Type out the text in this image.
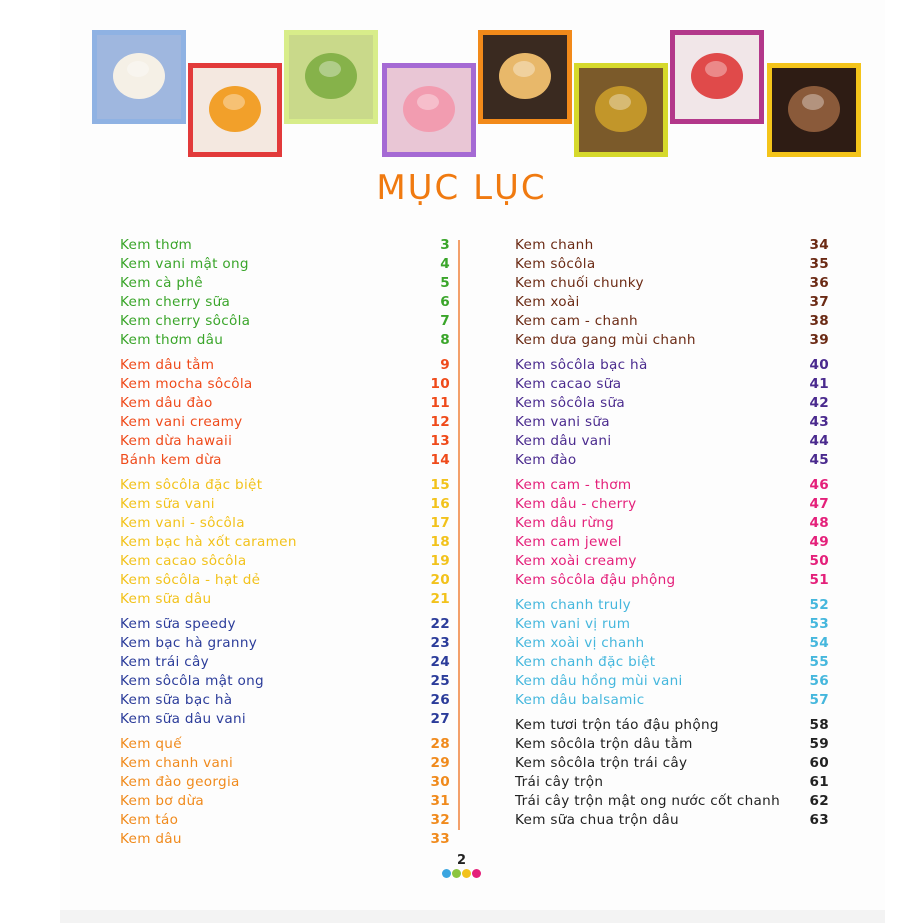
MỤC LỤC
Kem thơm	3
Kem vani mật ong	4
Kem cà phê	5
Kem cherry sữa	6
Kem cherry sôcôla	7
Kem thơm dâu	8
Kem dâu tằm	9
Kem mocha sôcôla	10
Kem dâu đào	11
Kem vani creamy	12
Kem dừa hawaii	13
Bánh kem dừa	14
Kem sôcôla đặc biệt	15
Kem sữa vani	16
Kem vani - sôcôla	17
Kem bạc hà xốt caramen	18
Kem cacao sôcôla	19
Kem sôcôla - hạt dẻ	20
Kem sữa dâu	21
Kem sữa speedy	22
Kem bạc hà granny	23
Kem trái cây	24
Kem sôcôla mật ong	25
Kem sữa bạc hà	26
Kem sữa dâu vani	27
Kem quế	28
Kem chanh vani	29
Kem đào georgia	30
Kem bơ dừa	31
Kem táo	32
Kem dâu	33
Kem chanh	34
Kem sôcôla	35
Kem chuối chunky	36
Kem xoài	37
Kem cam - chanh	38
Kem dưa gang mùi chanh	39
Kem sôcôla bạc hà	40
Kem cacao sữa	41
Kem sôcôla sữa	42
Kem vani sữa	43
Kem dâu vani	44
Kem đào	45
Kem cam - thơm	46
Kem dâu - cherry	47
Kem dâu rừng	48
Kem cam jewel	49
Kem xoài creamy	50
Kem sôcôla đậu phộng	51
Kem chanh truly	52
Kem vani vị rum	53
Kem xoài vị chanh	54
Kem chanh đặc biệt	55
Kem dâu hồng mùi vani	56
Kem dâu balsamic	57
Kem tươi trộn táo đậu phộng	58
Kem sôcôla trộn dâu tằm	59
Kem sôcôla trộn trái cây	60
Trái cây trộn	61
Trái cây trộn mật ong nước cốt chanh 62
Kem sữa chua trộn dâu	63
2
